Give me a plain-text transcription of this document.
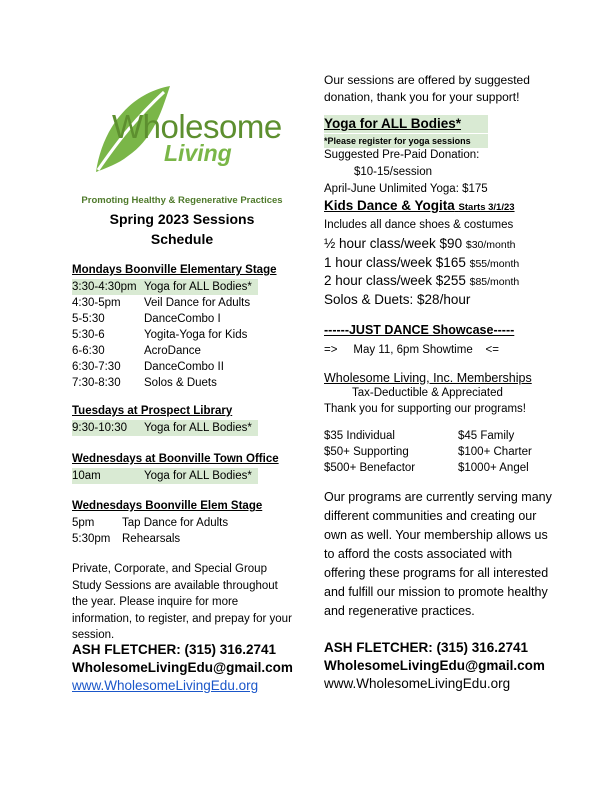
Wholesome
Living
Promoting Healthy & Regenerative Practices
Spring 2023 Sessions
Schedule
Mondays Boonville Elementary Stage
3:30-4:30pm Yoga for ALL Bodies*
4:30-5pm Veil Dance for Adults
5-5:30	DanceCombo I
5:30-6	Yogita-Yoga for Kids
6-6:30	AcroDance
6:30-7:30 DanceCombo II
7:30-8:30 Solos & Duets
Tuesdays at Prospect Library
9:30-10:30 Yoga for ALL Bodies*
Wednesdays at Boonville Town Office
10am	Yoga for ALL Bodies*
Wednesdays Boonville Elem Stage
5pm Tap Dance for Adults
5:30pm Rehearsals
Private, Corporate, and Special Group Study Sessions are available throughout the year. Please inquire for more information, to register, and prepay for your session.
ASH FLETCHER: (315) 316.2741
WholesomeLivingEdu@gmail.com
www.WholesomeLivingEdu.org
Our sessions are offered by suggested donation, thank you for your support!
Yoga for ALL Bodies*
*Please register for yoga sessions
Suggested Pre-Paid Donation:
$10-15/session
April-June Unlimited Yoga: $175
Kids Dance & Yogita Starts 3/1/23
Includes all dance shoes & costumes
½ hour class/week $90 $30/month
1 hour class/week $165 $55/month
2 hour class/week $255 $85/month
Solos & Duets: $28/hour
------JUST DANCE Showcase-----
=>     May 11, 6pm Showtime    <=
Wholesome Living, Inc. Memberships
Tax-Deductible & Appreciated
Thank you for supporting our programs!
$35 Individual	$45 Family
$50+ Supporting	$100+ Charter
$500+ Benefactor	$1000+ Angel
Our programs are currently serving many different communities and creating our own as well. Your membership allows us to afford the costs associated with offering these programs for all interested and fulfill our mission to promote healthy and regenerative practices.
ASH FLETCHER: (315) 316.2741
WholesomeLivingEdu@gmail.com
www.WholesomeLivingEdu.org
